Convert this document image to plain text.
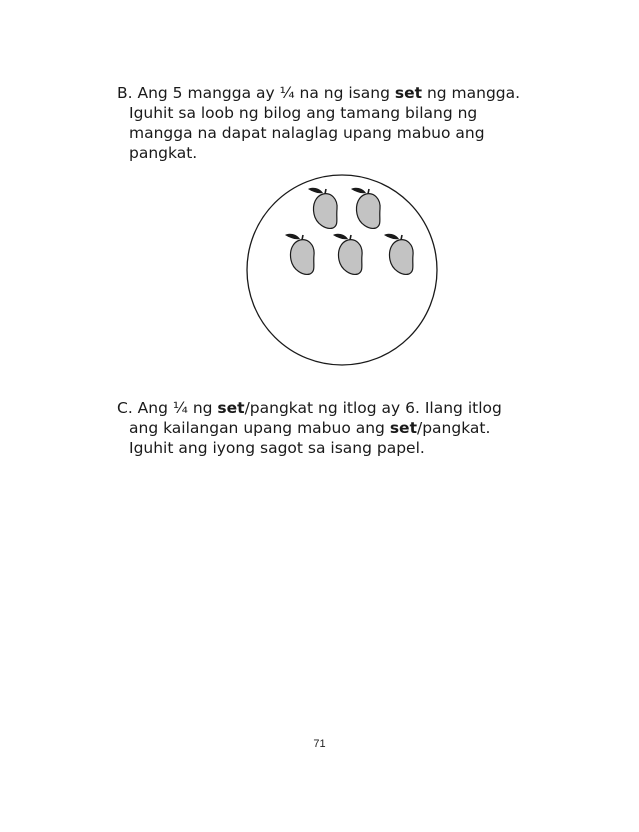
B. Ang 5 mangga ay ¼ na ng isang set ng mangga.

Iguhit sa loob ng bilog ang tamang bilang ng

mangga na dapat nalaglag upang mabuo ang

pangkat.

C. Ang ¼ ng set/pangkat ng itlog ay 6. Ilang itlog

ang kailangan upang mabuo ang set/pangkat.

Iguhit ang iyong sagot sa isang papel.

71
